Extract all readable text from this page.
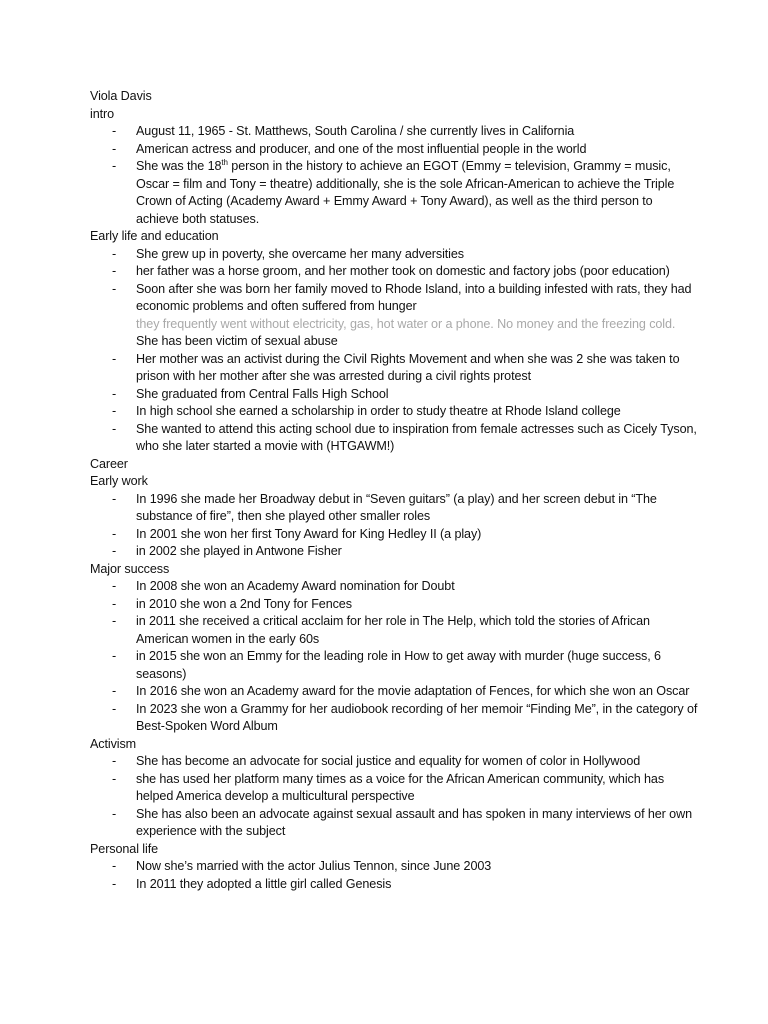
Viola Davis

intro

- August 11, 1965 - St. Matthews, South Carolina / she currently lives in California
- American actress and producer, and one of the most influential people in the world
- She was the 18th person in the history to achieve an EGOT (Emmy = television, Grammy = music, Oscar = film and Tony = theatre) additionally, she is the sole African-American to achieve the Triple Crown of Acting (Academy Award + Emmy Award + Tony Award), as well as the third person to achieve both statuses.

Early life and education

- She grew up in poverty, she overcame her many adversities
- her father was a horse groom, and her mother took on domestic and factory jobs (poor education)
- Soon after she was born her family moved to Rhode Island, into a building infested with rats, they had economic problems and often suffered from hunger
they frequently went without electricity, gas, hot water or a phone. No money and the freezing cold. She has been victim of sexual abuse
- Her mother was an activist during the Civil Rights Movement and when she was 2 she was taken to prison with her mother after she was arrested during a civil rights protest
- She graduated from Central Falls High School
- In high school she earned a scholarship in order to study theatre at Rhode Island college
- She wanted to attend this acting school due to inspiration from female actresses such as Cicely Tyson, who she later started a movie with (HTGAWM!)

Career

Early work

- In 1996 she made her Broadway debut in “Seven guitars” (a play) and her screen debut in “The substance of fire”, then she played other smaller roles
- In 2001 she won her first Tony Award for King Hedley II (a play)
- in 2002 she played in Antwone Fisher

Major success

- In 2008 she won an Academy Award nomination for Doubt
- in 2010 she won a 2nd Tony for Fences
- in 2011 she received a critical acclaim for her role in The Help, which told the stories of African American women in the early 60s
- in 2015 she won an Emmy for the leading role in How to get away with murder (huge success, 6 seasons)
- In 2016 she won an Academy award for the movie adaptation of Fences, for which she won an Oscar
- In 2023 she won a Grammy for her audiobook recording of her memoir “Finding Me”, in the category of Best-Spoken Word Album

Activism

- She has become an advocate for social justice and equality for women of color in Hollywood
- she has used her platform many times as a voice for the African American community, which has helped America develop a multicultural perspective
- She has also been an advocate against sexual assault and has spoken in many interviews of her own experience with the subject

Personal life

- Now she’s married with the actor Julius Tennon, since June 2003
- In 2011 they adopted a little girl called Genesis
